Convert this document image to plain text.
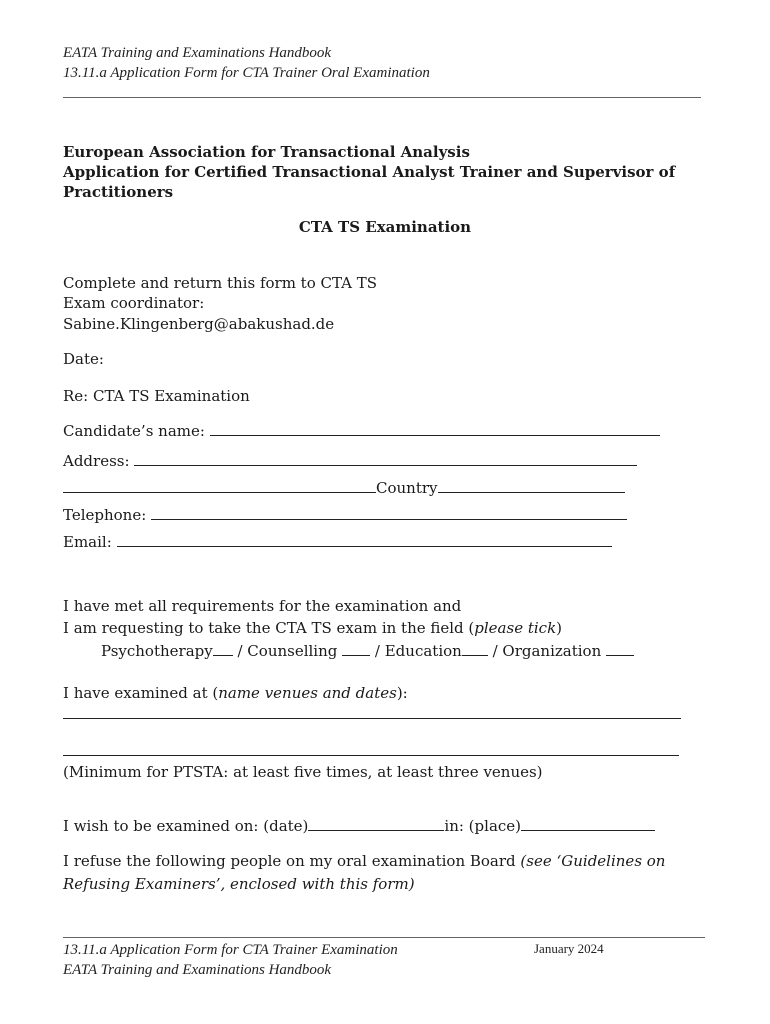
EATA Training and Examinations Handbook
13.11.a Application Form for CTA Trainer Oral Examination
European Association for Transactional Analysis
Application for Certified Transactional Analyst Trainer and Supervisor of
Practitioners
CTA TS Examination
Complete and return this form to CTA TS
Exam coordinator:
Sabine.Klingenberg@abakushad.de
Date:
Re: CTA TS Examination
Candidate’s name:
Address:
Country
Telephone:
Email:
I have met all requirements for the examination and
I am requesting to take the CTA TS exam in the field (please tick)
Psychotherapy / Counselling  / Education / Organization
I have examined at (name venues and dates):
(Minimum for PTSTA: at least five times, at least three venues)
I wish to be examined on: (date)	in: (place)
I refuse the following people on my oral examination Board (see ‘Guidelines on
Refusing Examiners’, enclosed with this form)
13.11.a Application Form for CTA Trainer Examination
EATA Training and Examinations Handbook
January 2024
